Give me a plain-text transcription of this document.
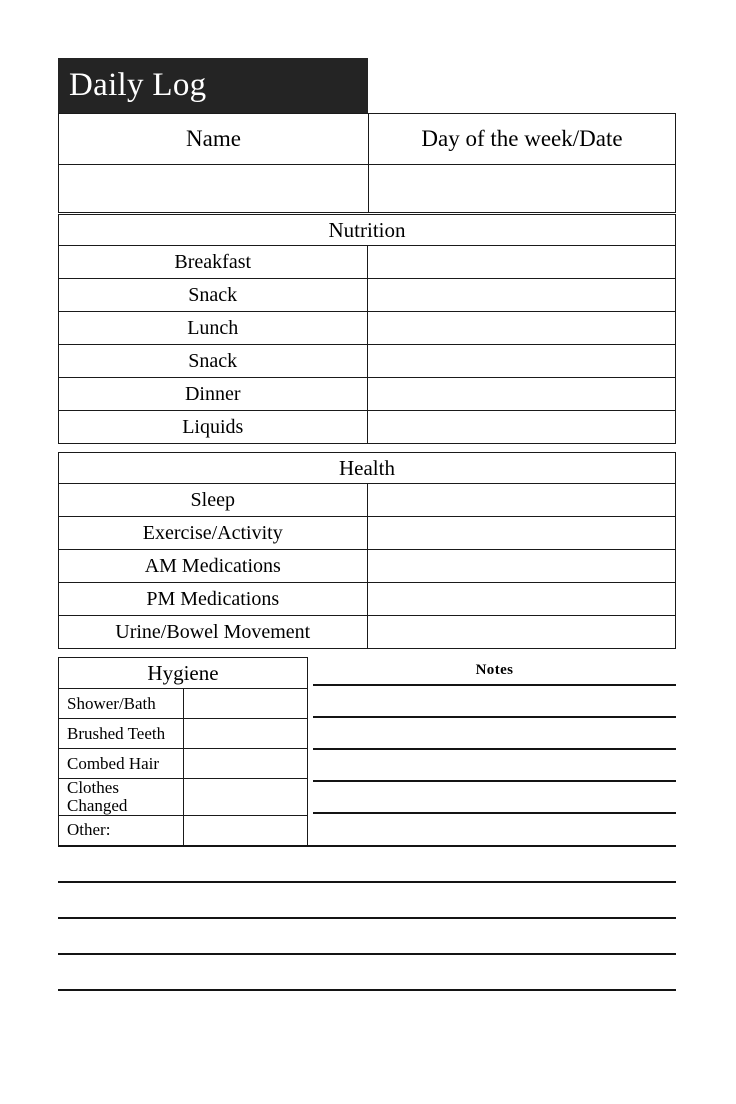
Daily Log
Name	Day of the week/Date

Nutrition	
Breakfast	
Snack	
Lunch	
Snack	
Dinner	
Liquids	
Health	
Sleep	
Exercise/Activity	
AM Medications	
PM Medications	
Urine/Bowel Movement	
Hygiene	
Shower/Bath	
Brushed Teeth	
Combed Hair	
Clothes Changed	
Other:	
Notes
